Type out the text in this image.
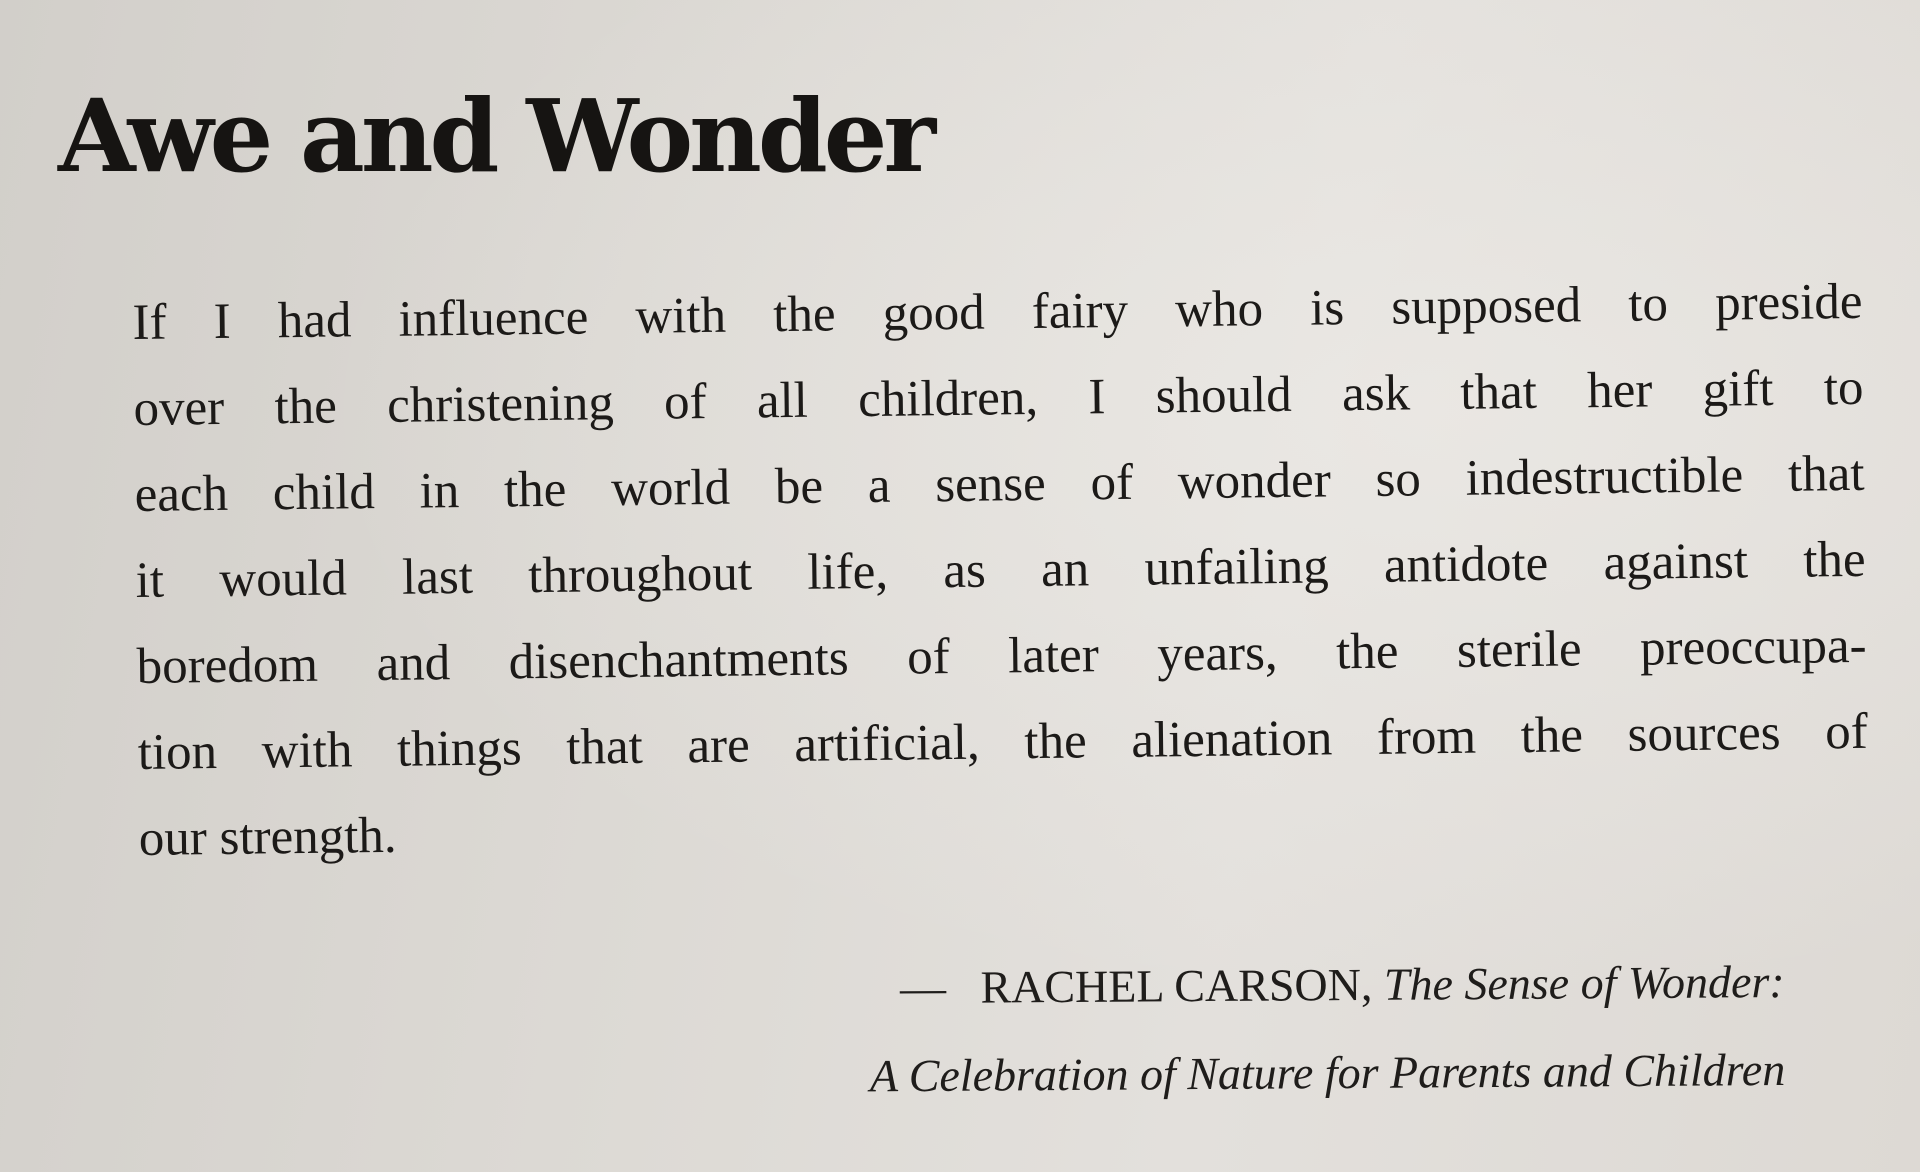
Awe and Wonder
If I had influence with the good fairy who is supposed to preside
over the christening of all children, I should ask that her gift to
each child in the world be a sense of wonder so indestructible that
it would last throughout life, as an unfailing antidote against the
boredom and disenchantments of later years, the sterile preoccupa-
tion with things that are artificial, the alienation from the sources of
our strength.
— RACHEL CARSON, The Sense of Wonder:
A Celebration of Nature for Parents and Children
